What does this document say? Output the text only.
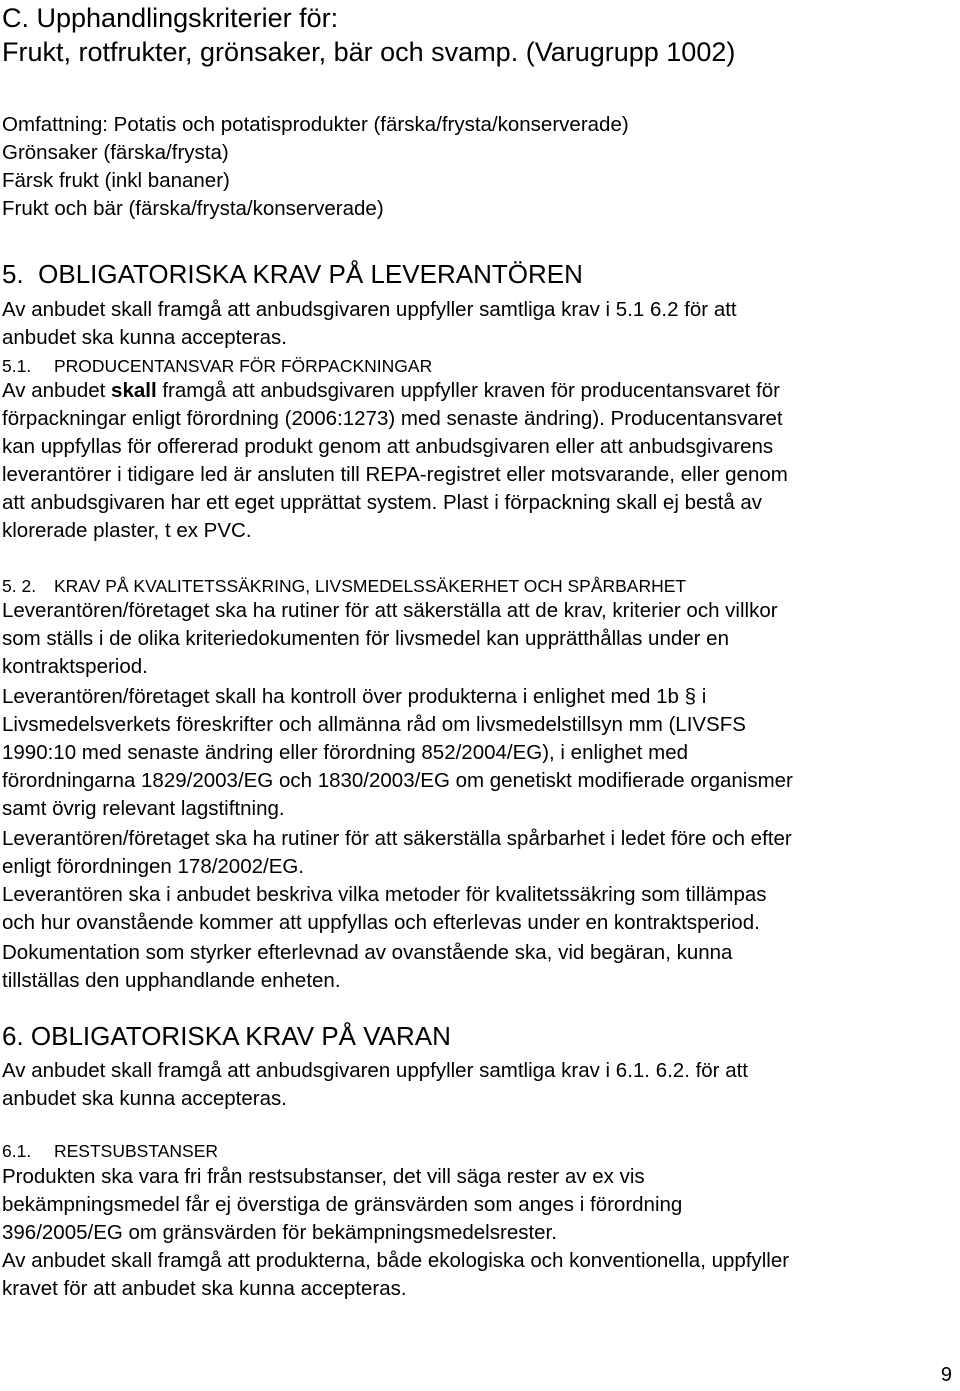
C. Upphandlingskriterier för:
Frukt, rotfrukter, grönsaker, bär och svamp. (Varugrupp 1002)
Omfattning: Potatis och potatisprodukter (färska/frysta/konserverade)
Grönsaker (färska/frysta)
Färsk frukt (inkl bananer)
Frukt och bär (färska/frysta/konserverade)
5.  OBLIGATORISKA KRAV PÅ LEVERANTÖREN
Av anbudet skall framgå att anbudsgivaren uppfyller samtliga krav i 5.1 6.2 för att
anbudet ska kunna accepteras.
5.1. PRODUCENTANSVAR FÖR FÖRPACKNINGAR
Av anbudet skall framgå att anbudsgivaren uppfyller kraven för producentansvaret för
förpackningar enligt förordning (2006:1273) med senaste ändring). Producentansvaret
kan uppfyllas för offererad produkt genom att anbudsgivaren eller att anbudsgivarens
leverantörer i tidigare led är ansluten till REPA-registret eller motsvarande, eller genom
att anbudsgivaren har ett eget upprättat system. Plast i förpackning skall ej bestå av
klorerade plaster, t ex PVC.
5. 2. KRAV PÅ KVALITETSSÄKRING, LIVSMEDELSSÄKERHET OCH SPÅRBARHET
Leverantören/företaget ska ha rutiner för att säkerställa att de krav, kriterier och villkor
som ställs i de olika kriteriedokumenten för livsmedel kan upprätthållas under en
kontraktsperiod.
Leverantören/företaget skall ha kontroll över produkterna i enlighet med 1b § i
Livsmedelsverkets föreskrifter och allmänna råd om livsmedelstillsyn mm (LIVSFS
1990:10 med senaste ändring eller förordning 852/2004/EG), i enlighet med
förordningarna 1829/2003/EG och 1830/2003/EG om genetiskt modifierade organismer
samt övrig relevant lagstiftning.
Leverantören/företaget ska ha rutiner för att säkerställa spårbarhet i ledet före och efter
enligt förordningen 178/2002/EG.
Leverantören ska i anbudet beskriva vilka metoder för kvalitetssäkring som tillämpas
och hur ovanstående kommer att uppfyllas och efterlevas under en kontraktsperiod.
Dokumentation som styrker efterlevnad av ovanstående ska, vid begäran, kunna
tillställas den upphandlande enheten.
6. OBLIGATORISKA KRAV PÅ VARAN
Av anbudet skall framgå att anbudsgivaren uppfyller samtliga krav i 6.1. 6.2. för att
anbudet ska kunna accepteras.
6.1. RESTSUBSTANSER
Produkten ska vara fri från restsubstanser, det vill säga rester av ex vis
bekämpningsmedel får ej överstiga de gränsvärden som anges i förordning
396/2005/EG om gränsvärden för bekämpningsmedelsrester.
Av anbudet skall framgå att produkterna, både ekologiska och konventionella, uppfyller
kravet för att anbudet ska kunna accepteras.
9
